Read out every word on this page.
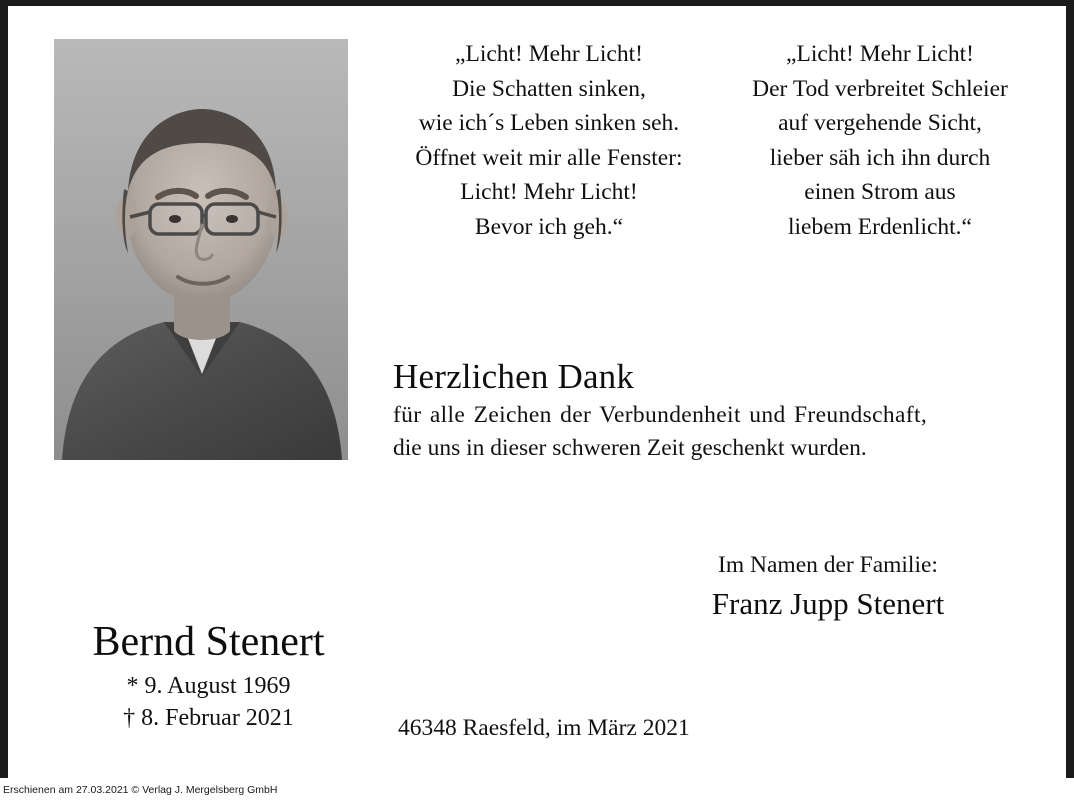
„Licht! Mehr Licht!
Die Schatten sinken,
wie ich´s Leben sinken seh.
Öffnet weit mir alle Fenster:
Licht! Mehr Licht!
Bevor ich geh.“
„Licht! Mehr Licht!
Der Tod verbreitet Schleier
auf vergehende Sicht,
lieber säh ich ihn durch
einen Strom aus
liebem Erdenlicht.“
Herzlichen Dank
für alle Zeichen der Verbundenheit und Freundschaft,
die uns in dieser schweren Zeit geschenkt wurden.
Im Namen der Familie:
Franz Jupp Stenert
Bernd Stenert
* 9. August 1969
† 8. Februar 2021	46348 Raesfeld, im März 2021
Erschienen am 27.03.2021 © Verlag J. Mergelsberg GmbH
